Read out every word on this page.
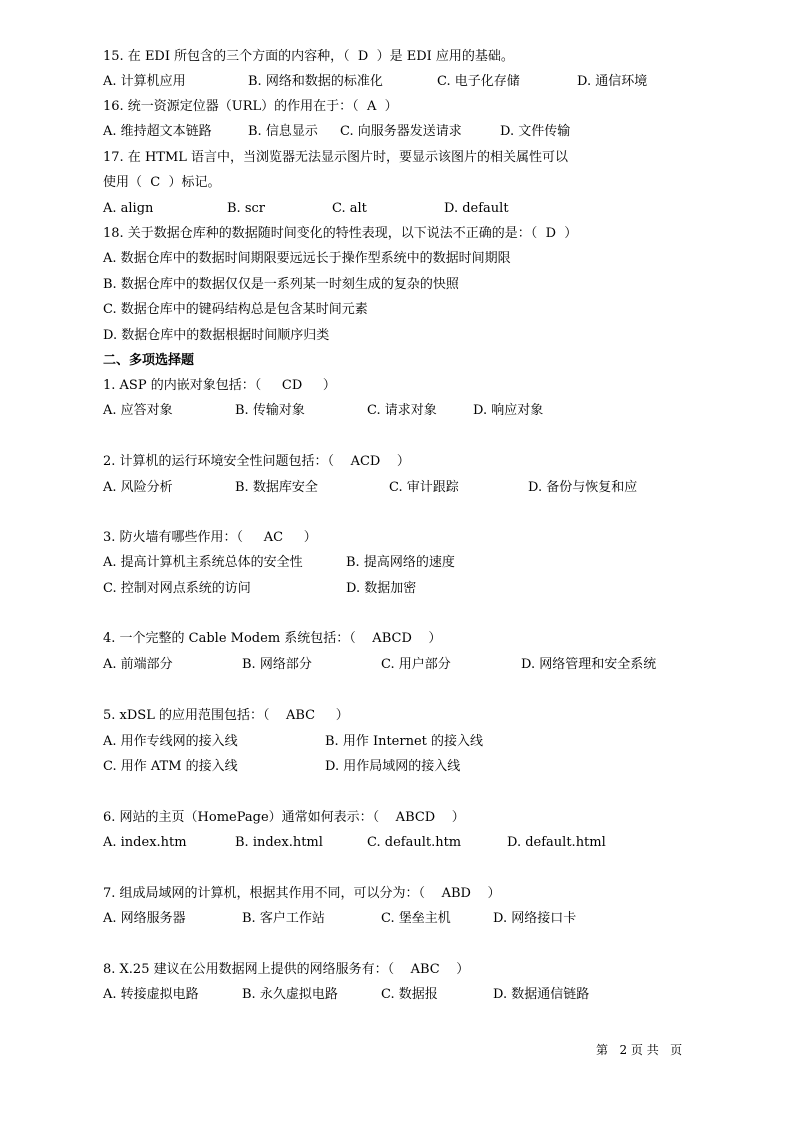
15. 在 EDI 所包含的三个方面的内容种，（  D  ）是 EDI 应用的基础。

A. 计算机应用

	B. 网络和数据的标准化

	C. 电子化存储

	D. 通信环境

16. 统一资源定位器（URL）的作用在于：（  A  ）

A. 维持超文本链路

	B. 信息显示

C. 向服务器发送请求

	D. 文件传输

17. 在 HTML 语言中，当浏览器无法显示图片时，要显示该图片的相关属性可以
使用（  C  ）标记。

A. align

	B. scr

	C. alt

	D. default

18. 关于数据仓库种的数据随时间变化的特性表现，以下说法不正确的是：（  D  ）
A. 数据仓库中的数据时间期限要远远长于操作型系统中的数据时间期限
B. 数据仓库中的数据仅仅是一系列某一时刻生成的复杂的快照
C. 数据仓库中的键码结构总是包含某时间元素
D. 数据仓库中的数据根据时间顺序归类
二、多项选择题
1. ASP 的内嵌对象包括：（     CD     ）

A. 应答对象

	B. 传输对象

	C. 请求对象

	D. 响应对象

2. 计算机的运行环境安全性问题包括：（    ACD    ）

A. 风险分析

	B. 数据库安全

	C. 审计跟踪

	D. 备份与恢复和应

3. 防火墙有哪些作用：（     AC     ）

A. 提高计算机主系统总体的安全性

	B. 提高网络的速度

C. 控制对网点系统的访问

	D. 数据加密

4. 一个完整的 Cable Modem 系统包括：（    ABCD    ）

A. 前端部分

	B. 网络部分

	C. 用户部分

	D. 网络管理和安全系统

5. xDSL 的应用范围包括：（    ABC     ）

A. 用作专线网的接入线

	B. 用作 Internet 的接入线

C. 用作 ATM 的接入线

	D. 用作局域网的接入线

6. 网站的主页（HomePage）通常如何表示：（    ABCD    ）

A. index.htm

	B. index.html

	C. default.htm

	D. default.html

7. 组成局域网的计算机，根据其作用不同，可以分为：（    ABD    ）

A. 网络服务器

	B. 客户工作站

	C. 堡垒主机

	D. 网络接口卡

8. X.25 建议在公用数据网上提供的网络服务有：（    ABC    ）

A. 转接虚拟电路

	B. 永久虚拟电路

	C. 数据报

	D. 数据通信链路

第   2 页 共   页
